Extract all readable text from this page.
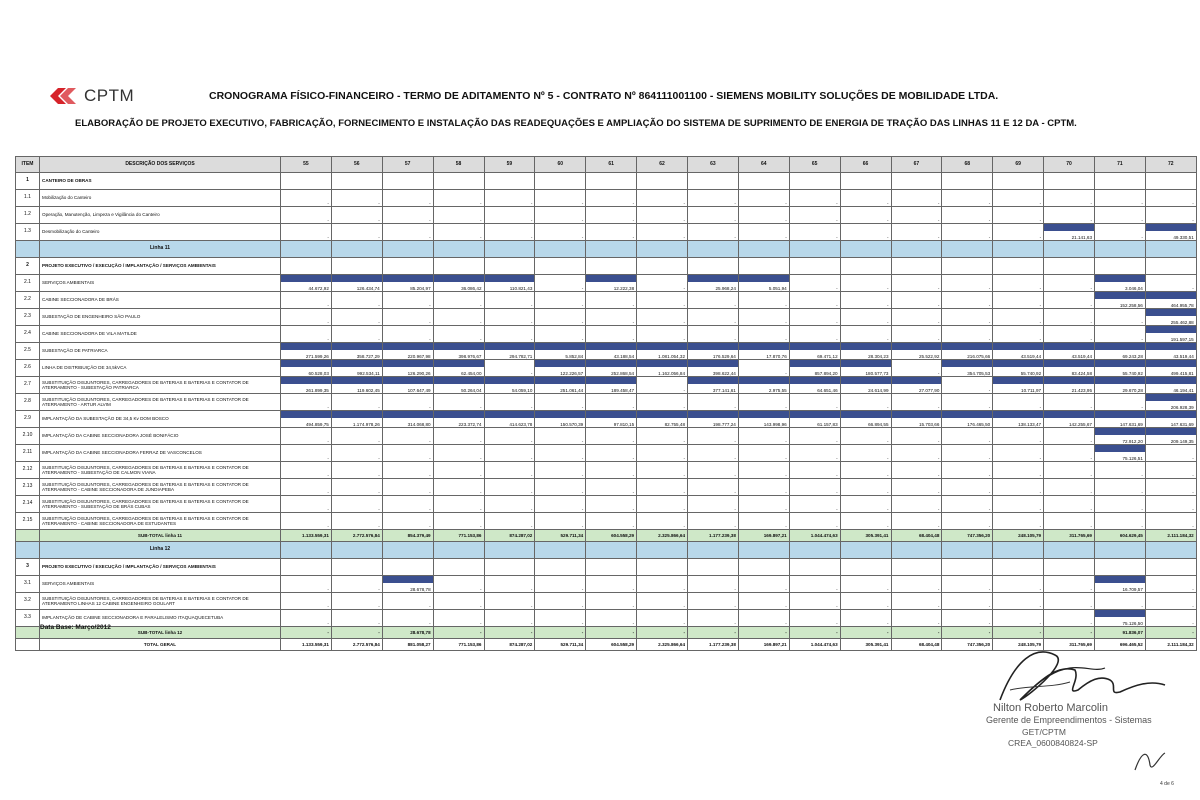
CPTM	CRONOGRAMA FÍSICO-FINANCEIRO - TERMO DE ADITAMENTO Nº 5 - CONTRATO Nº 864111001100 - SIEMENS MOBILITY SOLUÇÕES DE MOBILIDADE LTDA.
ELABORAÇÃO DE PROJETO EXECUTIVO, FABRICAÇÃO, FORNECIMENTO E INSTALAÇÃO DAS READEQUAÇÕES E AMPLIAÇÃO DO SISTEMA DE SUPRIMENTO DE ENERGIA DE TRAÇÃO DAS LINHAS 11 E 12 DA - CPTM.
ITEM	DESCRIÇÃO DOS SERVIÇOS	55	56	57	58	59	60	61	62	63	64	65	66	67	68	69	70	71	72
1	CANTEIRO DE OBRAS																		
1.1	Mobilização do Canteiro	-	-	-	-	-	-	-	-	-	-	-	-	-	-	-	-	-	-
1.2	Operação, Manutenção, Limpeza e Vigilância do Canteiro	-	-	-	-	-	-	-	-	-	-	-	-	-	-	-	-	-	-
1.3	Desmobilização do Canteiro	-	-	-	-	-	-	-	-	-	-	-	-	-	-	-	21.141,63	-	49.330,51
	Linha 11																		
2	PROJETO EXECUTIVO / EXECUÇÃO / IMPLANTAÇÃO / SERVIÇOS AMBIENTAIS																		
2.1	SERVIÇOS AMBIENTAIS	44.672,92	126.434,74	85.204,97	36.086,42	110.821,43	-	12.222,38	-	25.968,24	5.051,94	-	-	-	-	-	-	3.046,04	-
2.2	CABINE SECCIONADORA DE BRÁS	-	-	-	-	-	-	-	-	-	-	-	-	-	-	-	-	152.258,56	464.955,78
2.3	SUBESTAÇÃO DE ENGENHEIRO SÃO PAULO	-	-	-	-	-	-	-	-	-	-	-	-	-	-	-	-	-	255.462,88
2.4	CABINE SECCIONADORA DE VILA MATILDE	-	-	-	-	-	-	-	-	-	-	-	-	-	-	-	-	-	191.597,15
2.5	SUBESTAÇÃO DE PATRIARCA	271.599,26	358.727,29	220.967,98	398.976,67	294.782,71	5.852,84	43.188,54	1.081.054,32	176.529,64	17.870,76	69.471,12	28.304,23	25.522,92	216.075,66	43.519,44	43.519,44	69.243,28	43.519,44
2.6	LINHA DE DISTRIBUIÇÃO DE 34,5kVCA	60.528,03	992.534,11	126.290,26	62.454,00	-	122.226,57	252.868,54	1.162.056,84	398.622,44	-	857.894,20	180.577,73	-	354.705,53	55.740,92	83.424,58	55.740,92	499.415,81
2.7	SUBSTITUIÇÃO DISJUNTORES, CARREGADORES DE BATERIAS E BATERIAS E CONTATOR DE ATERRAMENTO - SUBESTAÇÃO PATRIARCA	261.899,35	119.602,45	107.647,49	50.264,04	54.059,10	251.061,44	189.458,47	-	377.141,61	2.975,55	64.651,46	24.614,99	27.077,90	-	10.711,97	21.423,95	29.670,28	46.194,41
2.8	SUBSTITUIÇÃO DISJUNTORES, CARREGADORES DE BATERIAS E BATERIAS E CONTATOR DE ATERRAMENTO - ARTUR ALVIM	-	-	-	-	-	-	-	-	-	-	-	-	-	-	-	-	-	206.928,39
2.9	IMPLANTAÇÃO DA SUBESTAÇÃO DE 34,5 Kv DOM BOSCO	494.859,75	1.174.978,26	314.068,80	223.372,74	414.623,78	150.570,39	97.810,15	82.755,48	198.777,24	143.998,96	61.157,83	66.894,55	15.703,66	176.465,50	138.133,47	142.255,67	147.631,69	147.631,69
2.10	IMPLANTAÇÃO DA CABINE SECCIONADORA JOSÉ BONIFÁCIO	-	-	-	-	-	-	-	-	-	-	-	-	-	-	-	-	72.912,20	209.149,35
2.11	IMPLANTAÇÃO DA CABINE SECCIONADORA FERRAZ DE VASCONCELOS	-	-	-	-	-	-	-	-	-	-	-	-	-	-	-	-	75.126,51	-
2.12	SUBSTITUIÇÃO DISJUNTORES, CARREGADORES DE BATERIAS E BATERIAS E CONTATOR DE ATERRAMENTO - SUBESTAÇÃO DE CALMON VIANA	-	-	-	-	-	-	-	-	-	-	-	-	-	-	-	-	-	-
2.13	SUBSTITUIÇÃO DISJUNTORES, CARREGADORES DE BATERIAS E BATERIAS E CONTATOR DE ATERRAMENTO - CABINE SECCIONADORA DE JUNDIAPEBA	-	-	-	-	-	-	-	-	-	-	-	-	-	-	-	-	-	-
2.14	SUBSTITUIÇÃO DISJUNTORES, CARREGADORES DE BATERIAS E BATERIAS E CONTATOR DE ATERRAMENTO - SUBESTAÇÃO DE BRÁS CUBAS	-	-	-	-	-	-	-	-	-	-	-	-	-	-	-	-	-	-
2.15	SUBSTITUIÇÃO DISJUNTORES, CARREGADORES DE BATERIAS E BATERIAS E CONTATOR DE ATERRAMENTO - CABINE SECCIONADORA DE ESTUDANTES	-	-	-	-	-	-	-	-	-	-	-	-	-	-	-	-	-	-
	SUB-TOTAL linha 11	1.133.559,31	2.772.576,84	854.379,49	771.153,86	874.287,02	529.711,34	604.558,29	2.325.866,64	1.177.239,38	169.897,21	1.044.474,63	305.391,41	68.404,48	747.356,20	248.105,79	311.765,69	604.629,45	2.111.184,32
	Linha 12																		
3	PROJETO EXECUTIVO / EXECUÇÃO / IMPLANTAÇÃO / SERVIÇOS AMBIENTAIS																		
3.1	SERVIÇOS AMBIENTAIS	-	-	28.678,78	-	-	-	-	-	-	-	-	-	-	-	-	-	16.709,57	-
3.2	SUBSTITUIÇÃO DISJUNTORES, CARREGADORES DE BATERIAS E BATERIAS E CONTATOR DE ATERRAMENTO LINHAS 12 CABINE ENGENHEIRO GOULART	-	-	-	-	-	-	-	-	-	-	-	-	-	-	-	-	-	-
3.3	IMPLANTAÇÃO DE CABINE SECCIONADORA E PARALELISMO ITAQUAQUECETUBA	-	-	-	-	-	-	-	-	-	-	-	-	-	-	-	-	75.126,50	-
	SUB-TOTAL linha 12	-	-	28.678,78	-	-	-	-	-	-	-	-	-	-	-	-	-	91.836,07	-
	TOTAL GERAL	1.133.559,31	2.772.576,84	881.058,27	771.153,86	874.287,02	529.711,34	604.558,29	2.325.866,64	1.177.239,38	169.897,21	1.044.474,63	305.391,41	68.404,48	747.356,20	248.105,79	311.765,69	696.465,52	2.111.184,32
Data Base: Março/2012
Nilton Roberto Marcolin
Gerente de Empreendimentos - Sistemas
GET/CPTM
CREA_0600840824-SP
4 de 6
